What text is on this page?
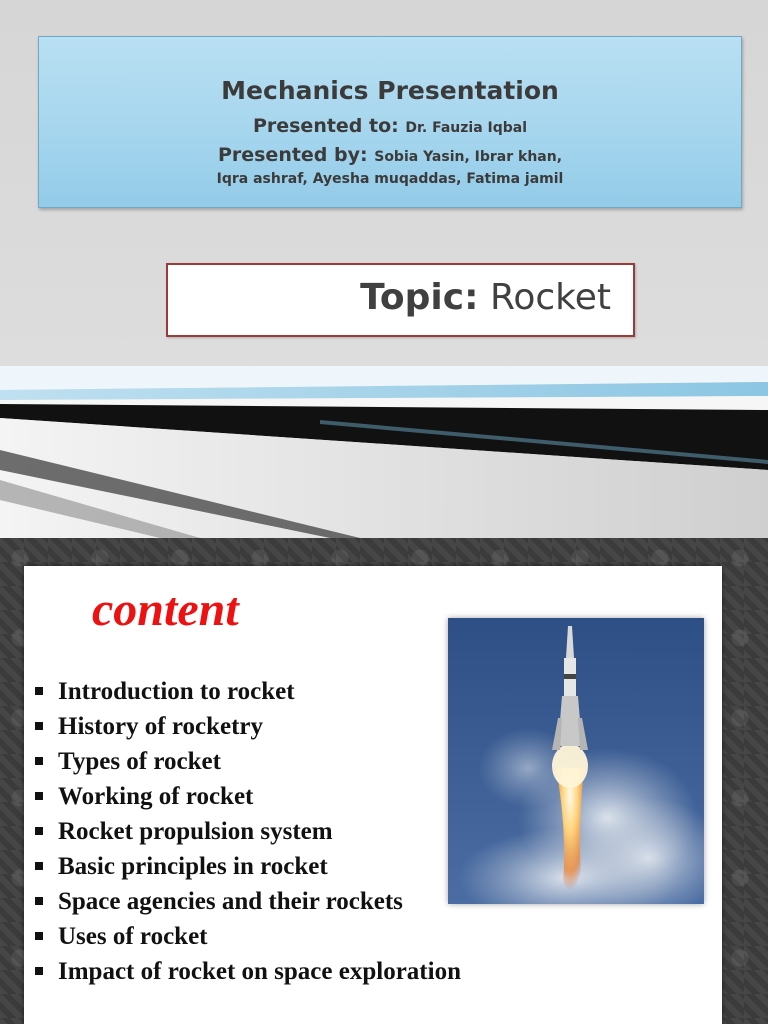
Mechanics Presentation
Presented to: Dr. Fauzia Iqbal
Presented by: Sobia Yasin, Ibrar khan,
Iqra ashraf, Ayesha muqaddas, Fatima jamil
Topic: Rocket
content
Introduction to rocket
History of rocketry
Types of rocket
Working of rocket
Rocket propulsion system
Basic principles in rocket
Space agencies and their rockets
Uses of rocket
Impact of rocket on space exploration
